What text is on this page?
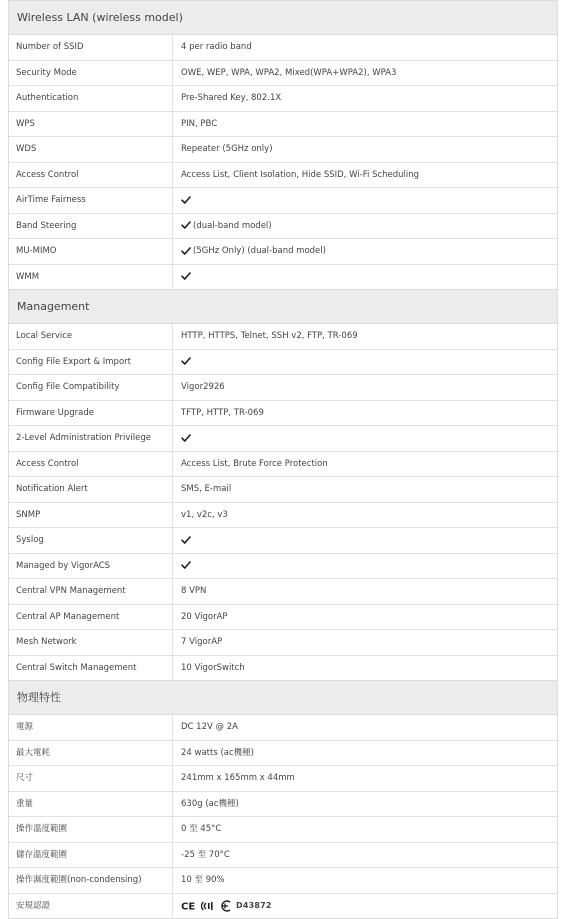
Wireless LAN (wireless model)
Number of SSID	4 per radio band
Security Mode	OWE, WEP, WPA, WPA2, Mixed(WPA+WPA2), WPA3
Authentication	Pre-Shared Key, 802.1X
WPS	PIN, PBC
WDS	Repeater (5GHz only)
Access Control	Access List, Client Isolation, Hide SSID, Wi-Fi Scheduling
AirTime Fairness
Band Steering	(dual-band model)
MU-MIMO	(5GHz Only) (dual-band model)
WMM
Management
Local Service	HTTP, HTTPS, Telnet, SSH v2, FTP, TR-069
Config File Export & Import
Config File Compatibility	Vigor2926
Firmware Upgrade	TFTP, HTTP, TR-069
2-Level Administration Privilege
Access Control	Access List, Brute Force Protection
Notification Alert	SMS, E-mail
SNMP	v1, v2c, v3
Syslog
Managed by VigorACS
Central VPN Management	8 VPN
Central AP Management	20 VigorAP
Mesh Network	7 VigorAP
Central Switch Management	10 VigorSwitch
物理特性
電源	DC 12V @ 2A
最大電耗	24 watts (ac機種)
尺寸	241mm x 165mm x 44mm
重量	630g (ac機種)
操作溫度範圍	0 至 45°C
儲存溫度範圍	-25 至 70°C
操作濕度範圍(non-condensing)	10 至 90%
安規認證	CE	D43872
